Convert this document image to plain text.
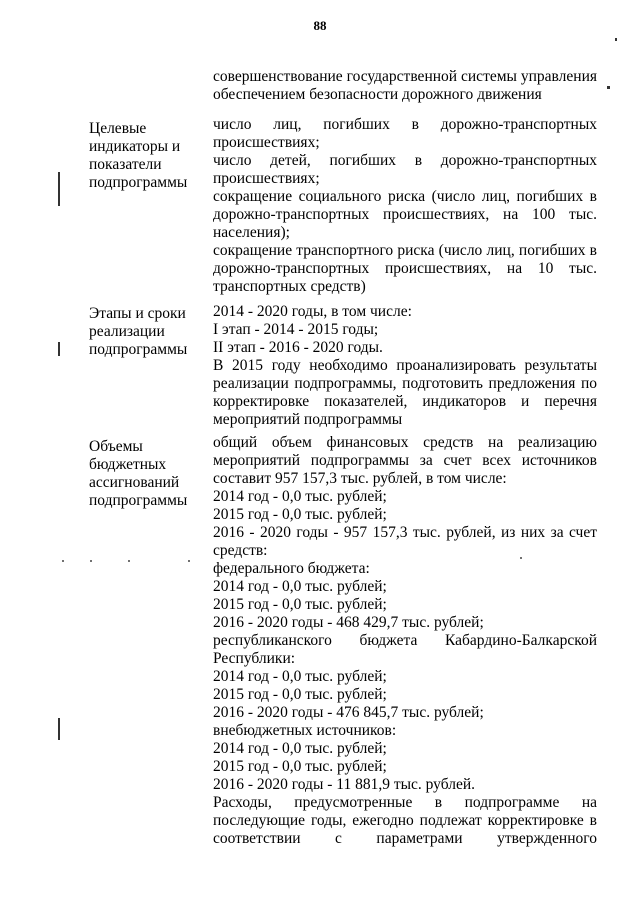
88
совершенствование государственной системы управления
обеспечением безопасности дорожного движения
Целевые
индикаторы и
показатели
подпрограммы
число лиц, погибших в дорожно-транспортных
происшествиях;
число детей, погибших в дорожно-транспортных
происшествиях;
сокращение социального риска (число лиц, погибших в
дорожно-транспортных происшествиях, на 100 тыс.
населения);
сокращение транспортного риска (число лиц, погибших в
дорожно-транспортных происшествиях, на 10 тыс.
транспортных средств)
Этапы и сроки
реализации
подпрограммы
2014 - 2020 годы, в том числе:
I этап - 2014 - 2015 годы;
II этап - 2016 - 2020 годы.
В 2015 году необходимо проанализировать результаты
реализации подпрограммы, подготовить предложения по
корректировке показателей, индикаторов и перечня
мероприятий подпрограммы
Объемы
бюджетных
ассигнований
подпрограммы
общий объем финансовых средств на реализацию
мероприятий подпрограммы за счет всех источников
составит 957 157,3 тыс. рублей, в том числе:
2014 год - 0,0 тыс. рублей;
2015 год - 0,0 тыс. рублей;
2016 - 2020 годы - 957 157,3 тыс. рублей, из них за счет
средств:
федерального бюджета:
2014 год - 0,0 тыс. рублей;
2015 год - 0,0 тыс. рублей;
2016 - 2020 годы - 468 429,7 тыс. рублей;
республиканского бюджета Кабардино-Балкарской
Республики:
2014 год - 0,0 тыс. рублей;
2015 год - 0,0 тыс. рублей;
2016 - 2020 годы - 476 845,7 тыс. рублей;
внебюджетных источников:
2014 год - 0,0 тыс. рублей;
2015 год - 0,0 тыс. рублей;
2016 - 2020 годы - 11 881,9 тыс. рублей.
Расходы, предусмотренные в подпрограмме на
последующие годы, ежегодно подлежат корректировке в
соответствии с параметрами утвержденного
